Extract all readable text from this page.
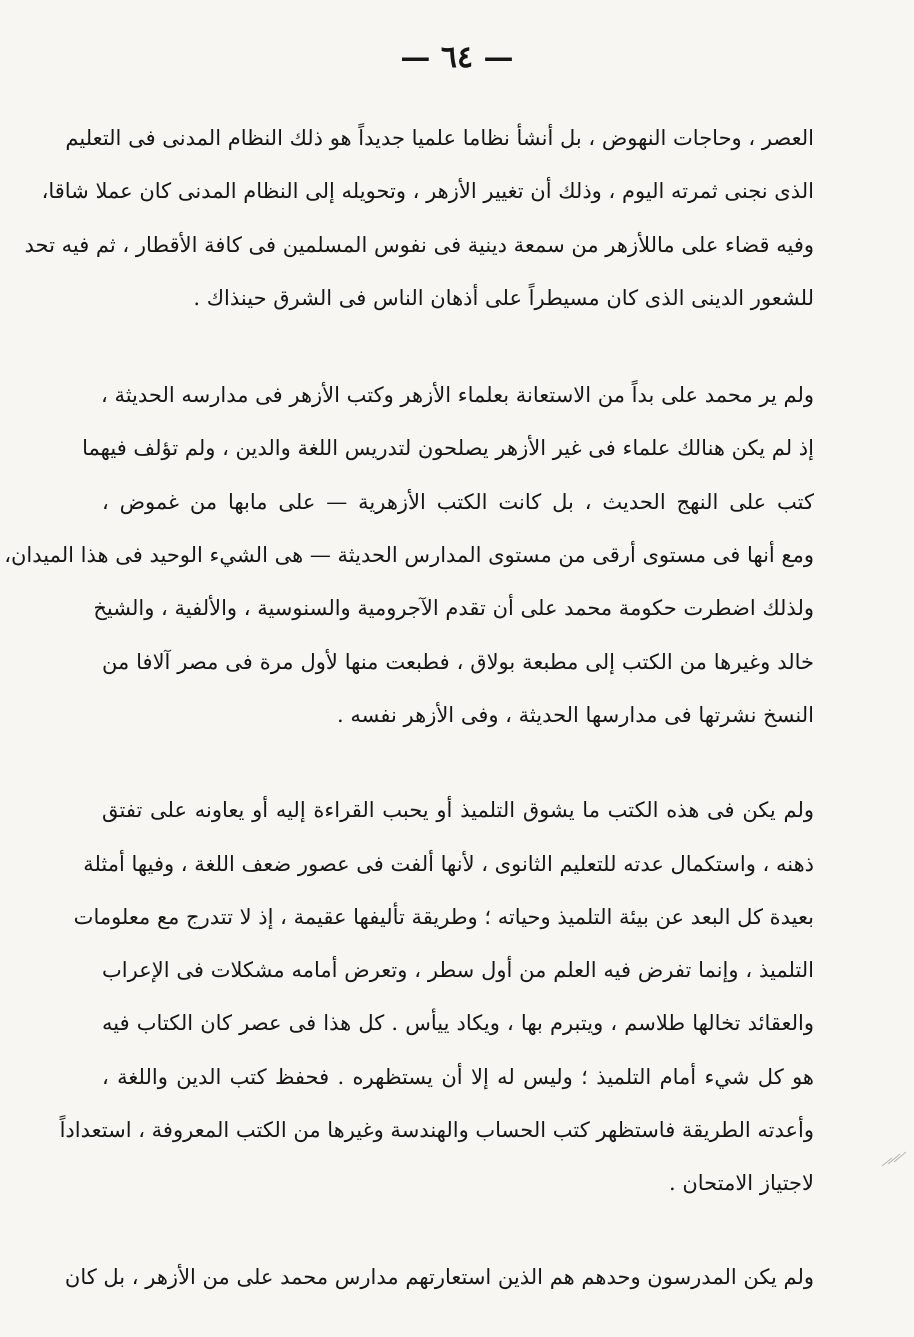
— ٦٤ —
العصر ، وحاجات النهوض ، بل أنشأ نظاما علميا جديداً هو ذلك النظام المدنى فى التعليم
الذى نجنى ثمرته اليوم ، وذلك أن تغيير الأزهر ، وتحويله إلى النظام المدنى كان عملا شاقا،
وفيه قضاء على ماللأزهر من سمعة دينية فى نفوس المسلمين فى كافة الأقطار ، ثم فيه تحد
للشعور الدينى الذى كان مسيطراً على أذهان الناس فى الشرق حينذاك .
ولم ير محمد على بداً من الاستعانة بعلماء الأزهر وكتب الأزهر فى مدارسه الحديثة ،
إذ لم يكن هنالك علماء فى غير الأزهر يصلحون لتدريس اللغة والدين ، ولم تؤلف فيهما
كتب على النهج الحديث ، بل كانت الكتب الأزهرية — على مابها من غموض ،
ومع أنها فى مستوى أرقى من مستوى المدارس الحديثة — هى الشيء الوحيد فى هذا الميدان،
ولذلك اضطرت حكومة محمد على أن تقدم الآجرومية والسنوسية ، والألفية ، والشيخ
خالد وغيرها من الكتب إلى مطبعة بولاق ، فطبعت منها لأول مرة فى مصر آلافا من
النسخ نشرتها فى مدارسها الحديثة ، وفى الأزهر نفسه .
ولم يكن فى هذه الكتب ما يشوق التلميذ أو يحبب القراءة إليه أو يعاونه على تفتق
ذهنه ، واستكمال عدته للتعليم الثانوى ، لأنها ألفت فى عصور ضعف اللغة ، وفيها أمثلة
بعيدة كل البعد عن بيئة التلميذ وحياته ؛ وطريقة تأليفها عقيمة ، إذ لا تتدرج مع معلومات
التلميذ ، وإنما تفرض فيه العلم من أول سطر ، وتعرض أمامه مشكلات فى الإعراب
والعقائد تخالها طلاسم ، ويتبرم بها ، ويكاد ييأس . كل هذا فى عصر كان الكتاب فيه
هو كل شيء أمام التلميذ ؛ وليس له إلا أن يستظهره . فحفظ كتب الدين واللغة ،
وأعدته الطريقة فاستظهر كتب الحساب والهندسة وغيرها من الكتب المعروفة ، استعداداً
لاجتياز الامتحان .
ولم يكن المدرسون وحدهم هم الذين استعارتهم مدارس محمد على من الأزهر ، بل كان
